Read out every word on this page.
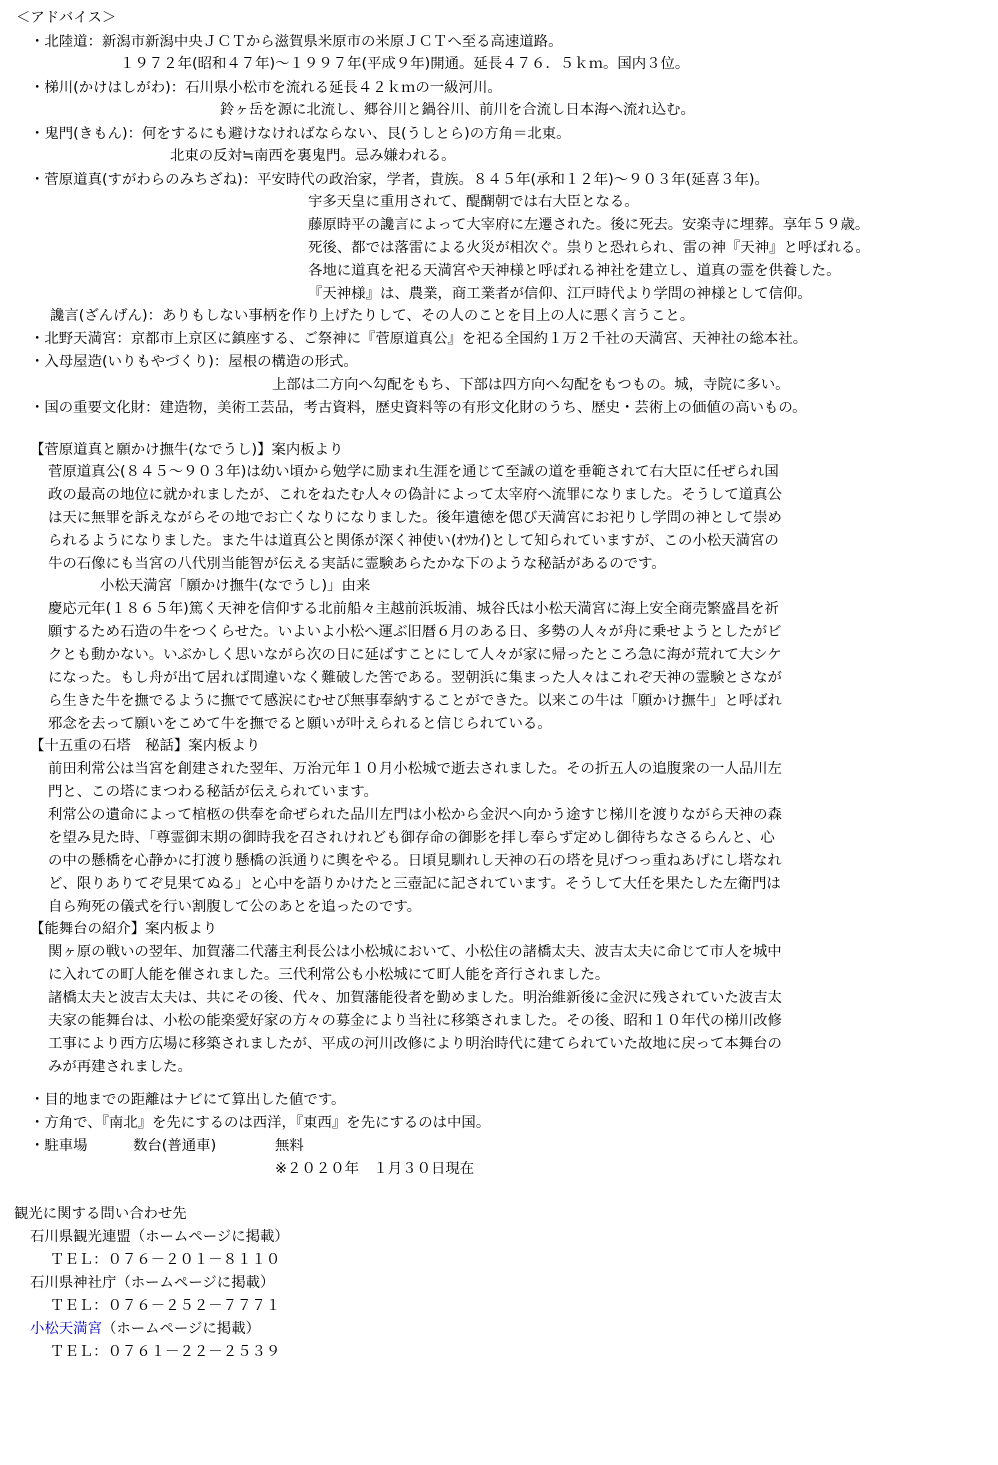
＜アドバイス＞

・北陸道：新潟市新潟中央ＪＣＴから滋賀県米原市の米原ＪＣＴへ至る高速道路。

１９７２年(昭和４７年)～１９９７年(平成９年)開通。延長４７６．５ｋｍ。国内３位。

・梯川(かけはしがわ)：石川県小松市を流れる延長４２ｋｍの一級河川。

鈴ヶ岳を源に北流し、郷谷川と鍋谷川、前川を合流し日本海へ流れ込む。

・鬼門(きもん)：何をするにも避けなければならない、艮(うしとら)の方角＝北東。

北東の反対≒南西を裏鬼門。忌み嫌われる。

・菅原道真(すがわらのみちざね)：平安時代の政治家，学者，貴族。８４５年(承和１２年)～９０３年(延喜３年)。

宇多天皇に重用されて、醍醐朝では右大臣となる。

藤原時平の讒言によって大宰府に左遷された。後に死去。安楽寺に埋葬。享年５９歳。

死後、都では落雷による火災が相次ぐ。祟りと恐れられ、雷の神『天神』と呼ばれる。

各地に道真を祀る天満宮や天神様と呼ばれる神社を建立し、道真の霊を供養した。

『天神様』は、農業，商工業者が信仰、江戸時代より学問の神様として信仰。

讒言(ざんげん)：ありもしない事柄を作り上げたりして、その人のことを目上の人に悪く言うこと。

・北野天満宮：京都市上京区に鎮座する、ご祭神に『菅原道真公』を祀る全国約１万２千社の天満宮、天神社の総本社。

・入母屋造(いりもやづくり)：屋根の構造の形式。

上部は二方向へ勾配をもち、下部は四方向へ勾配をもつもの。城，寺院に多い。

・国の重要文化財：建造物，美術工芸品，考古資料，歴史資料等の有形文化財のうち、歴史・芸術上の価値の高いもの。

【菅原道真と願かけ撫牛(なでうし)】案内板より

菅原道真公(８４５～９０３年)は幼い頃から勉学に励まれ生涯を通じて至誠の道を垂範されて右大臣に任ぜられ国

政の最高の地位に就かれましたが、これをねたむ人々の偽計によって太宰府へ流罪になりました。そうして道真公

は天に無罪を訴えながらその地でお亡くなりになりました。後年遺徳を偲び天満宮にお祀りし学問の神として崇め

られるようになりました。また牛は道真公と関係が深く神使い(ｵﾂｶｲ)として知られていますが、この小松天満宮の

牛の石像にも当宮の八代別当能智が伝える実話に霊験あらたかな下のような秘話があるのです。

小松天満宮「願かけ撫牛(なでうし)」由来

慶応元年(１８６５年)篤く天神を信仰する北前船々主越前浜坂浦、城谷氏は小松天満宮に海上安全商売繁盛昌を祈

願するため石造の牛をつくらせた。いよいよ小松へ運ぶ旧暦６月のある日、多勢の人々が舟に乗せようとしたがビ

クとも動かない。いぶかしく思いながら次の日に延ばすことにして人々が家に帰ったところ急に海が荒れて大シケ

になった。もし舟が出て居れば間違いなく難破した筈である。翌朝浜に集まった人々はこれぞ天神の霊験とさなが

ら生きた牛を撫でるように撫でて感涙にむせび無事奉納することができた。以来この牛は「願かけ撫牛」と呼ばれ

邪念を去って願いをこめて牛を撫でると願いが叶えられると信じられている。

【十五重の石塔　秘話】案内板より

前田利常公は当宮を創建された翌年、万治元年１０月小松城で逝去されました。その折五人の追腹衆の一人品川左

門と、この塔にまつわる秘話が伝えられています。

利常公の遺命によって棺柩の供奉を命ぜられた品川左門は小松から金沢へ向かう途すじ梯川を渡りながら天神の森

を望み見た時、「尊霊御末期の御時我を召されけれども御存命の御影を拝し奉らず定めし御待ちなさるらんと、心

の中の懸橋を心静かに打渡り懸橋の浜通りに輿をやる。日頃見馴れし天神の石の塔を見げつっ重ねあげにし塔なれ

ど、限りありてぞ見果てぬる」と心中を語りかけたと三壺記に記されています。そうして大任を果たした左衛門は

自ら殉死の儀式を行い割腹して公のあとを追ったのです。

【能舞台の紹介】案内板より

関ヶ原の戦いの翌年、加賀藩二代藩主利長公は小松城において、小松住の諸橋太夫、波吉太夫に命じて市人を城中

に入れての町人能を催されました。三代利常公も小松城にて町人能を斉行されました。

諸橋太夫と波吉太夫は、共にその後、代々、加賀藩能役者を勤めました。明治維新後に金沢に残されていた波吉太

夫家の能舞台は、小松の能楽愛好家の方々の募金により当社に移築されました。その後、昭和１０年代の梯川改修

工事により西方広場に移築されましたが、平成の河川改修により明治時代に建てられていた故地に戻って本舞台の

みが再建されました。

・目的地までの距離はナビにて算出した値です。

・方角で、『南北』を先にするのは西洋，『東西』を先にするのは中国。

・駐車場	数台(普通車)	無料

※２０２０年　１月３０日現在

観光に関する問い合わせ先

石川県観光連盟（ホームページに掲載）

ＴＥＬ：０７６－２０１－８１１０

石川県神社庁（ホームページに掲載）

ＴＥＬ：０７６－２５２－７７７１

小松天満宮（ホームページに掲載）

ＴＥＬ：０７６１－２２－２５３９
